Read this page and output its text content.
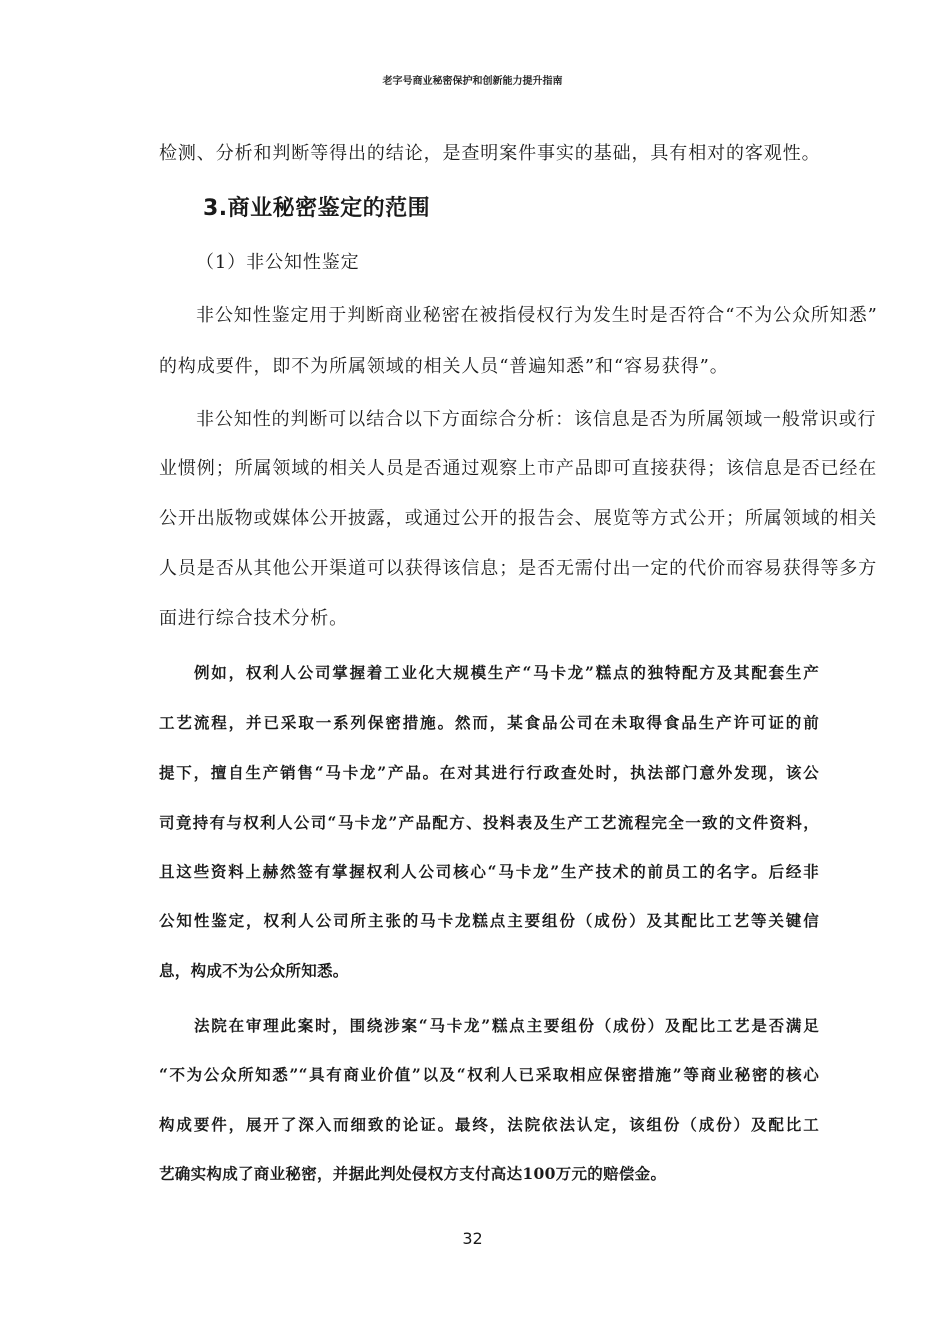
老字号商业秘密保护和创新能力提升指南
检测、分析和判断等得出的结论，是查明案件事实的基础，具有相对的客观性。
3.商业秘密鉴定的范围
（1）非公知性鉴定
非公知性鉴定用于判断商业秘密在被指侵权行为发生时是否符合“不为公众所知悉”
的构成要件，即不为所属领域的相关人员“普遍知悉”和“容易获得”。
非公知性的判断可以结合以下方面综合分析：该信息是否为所属领域一般常识或行
业惯例；所属领域的相关人员是否通过观察上市产品即可直接获得；该信息是否已经在
公开出版物或媒体公开披露，或通过公开的报告会、展览等方式公开；所属领域的相关
人员是否从其他公开渠道可以获得该信息；是否无需付出一定的代价而容易获得等多方
面进行综合技术分析。
例如，权利人公司掌握着工业化大规模生产“马卡龙”糕点的独特配方及其配套生产
工艺流程，并已采取一系列保密措施。然而，某食品公司在未取得食品生产许可证的前
提下，擅自生产销售“马卡龙”产品。在对其进行行政查处时，执法部门意外发现，该公
司竟持有与权利人公司“马卡龙”产品配方、投料表及生产工艺流程完全一致的文件资料，
且这些资料上赫然签有掌握权利人公司核心“马卡龙”生产技术的前员工的名字。后经非
公知性鉴定，权利人公司所主张的马卡龙糕点主要组份（成份）及其配比工艺等关键信
息，构成不为公众所知悉。
法院在审理此案时，围绕涉案“马卡龙”糕点主要组份（成份）及配比工艺是否满足
“不为公众所知悉”“具有商业价值”以及“权利人已采取相应保密措施”等商业秘密的核心
构成要件，展开了深入而细致的论证。最终，法院依法认定，该组份（成份）及配比工
艺确实构成了商业秘密，并据此判处侵权方支付高达100万元的赔偿金。
32
